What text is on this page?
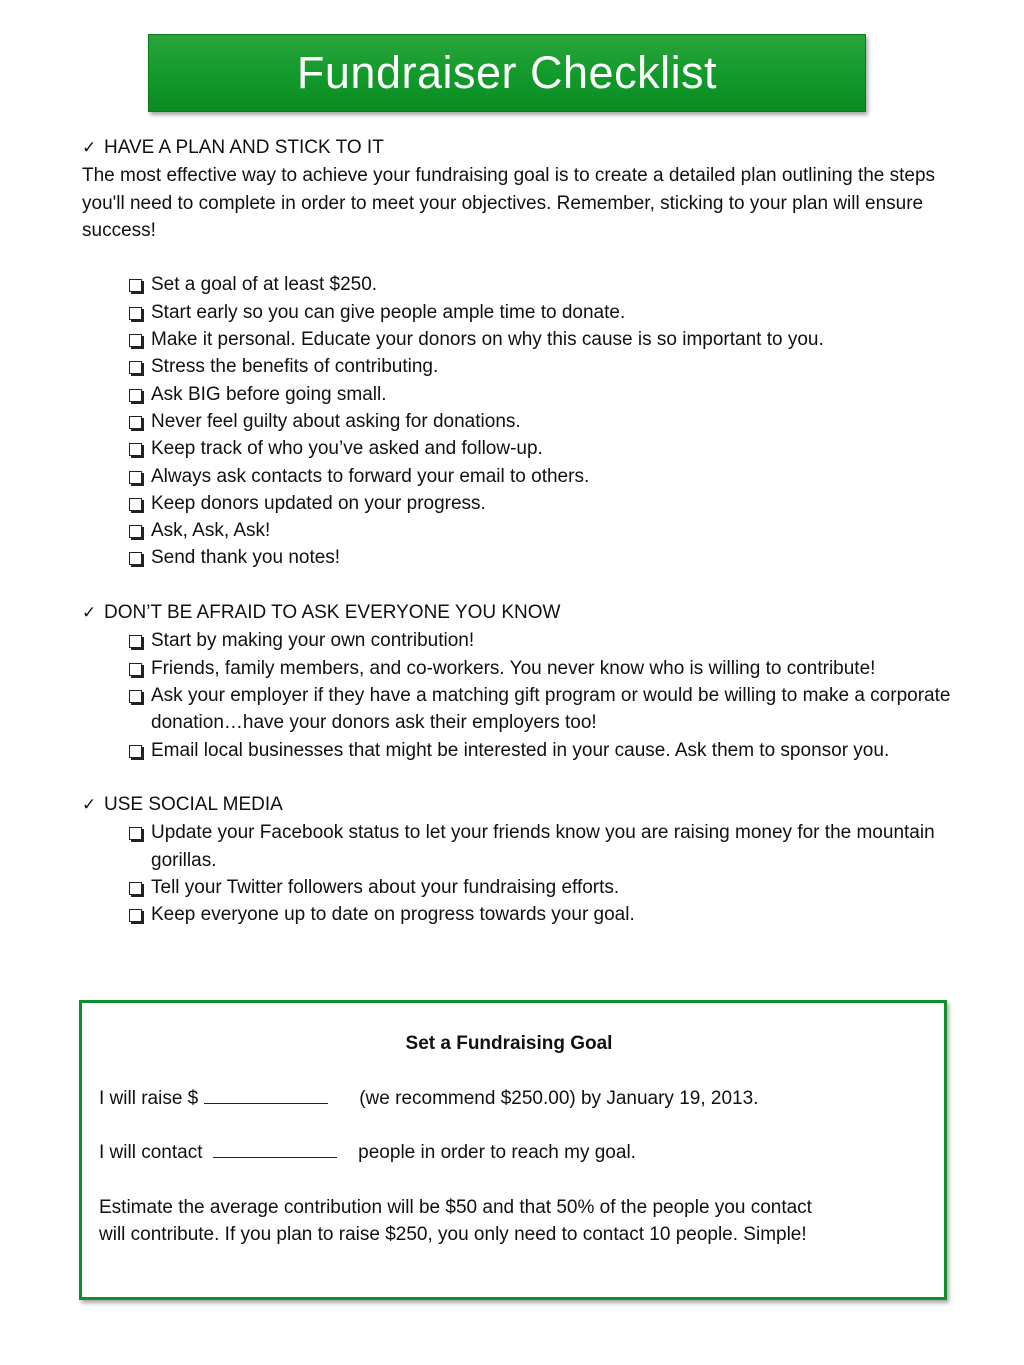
Fundraiser Checklist
✓ HAVE A PLAN AND STICK TO IT

The most effective way to achieve your fundraising goal is to create a detailed plan outlining the steps you'll need to complete in order to meet your objectives. Remember, sticking to your plan will ensure success!

Set a goal of at least $250.
Start early so you can give people ample time to donate.
Make it personal. Educate your donors on why this cause is so important to you.
Stress the benefits of contributing.
Ask BIG before going small.
Never feel guilty about asking for donations.
Keep track of who you’ve asked and follow-up.
Always ask contacts to forward your email to others.
Keep donors updated on your progress.
Ask, Ask, Ask!
Send thank you notes!
✓ DON’T BE AFRAID TO ASK EVERYONE YOU KNOW
Start by making your own contribution!
Friends, family members, and co-workers. You never know who is willing to contribute!
Ask your employer if they have a matching gift program or would be willing to make a corporate donation…have your donors ask their employers too!
Email local businesses that might be interested in your cause. Ask them to sponsor you.
✓ USE SOCIAL MEDIA
Update your Facebook status to let your friends know you are raising money for the mountain gorillas.
Tell your Twitter followers about your fundraising efforts.
Keep everyone up to date on progress towards your goal.

Set a Fundraising Goal

I will raise $	(we recommend $250.00) by January 19, 2013.

I will contact	people in order to reach my goal.

Estimate the average contribution will be $50 and that 50% of the people you contact

will contribute. If you plan to raise $250, you only need to contact 10 people. Simple!
